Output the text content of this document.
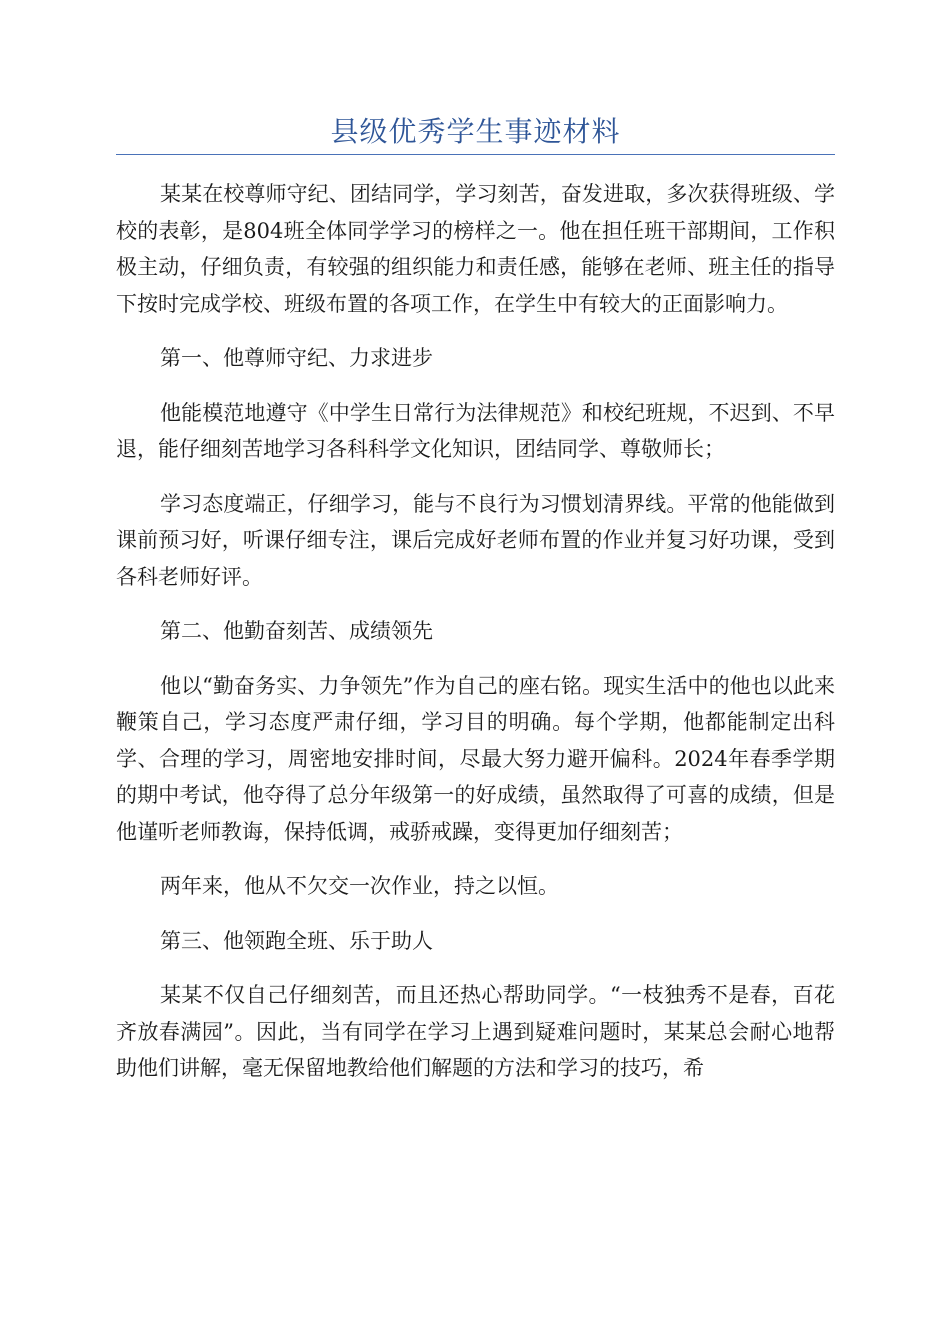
县级优秀学生事迹材料

某某在校尊师守纪、团结同学，学习刻苦，奋发进取，多次获得班级、学校的表彰，是804班全体同学学习的榜样之一。他在担任班干部期间，工作积极主动，仔细负责，有较强的组织能力和责任感，能够在老师、班主任的指导下按时完成学校、班级布置的各项工作，在学生中有较大的正面影响力。

第一、他尊师守纪、力求进步

他能模范地遵守《中学生日常行为法律规范》和校纪班规，不迟到、不早退，能仔细刻苦地学习各科科学文化知识，团结同学、尊敬师长；

学习态度端正，仔细学习，能与不良行为习惯划清界线。平常的他能做到课前预习好，听课仔细专注，课后完成好老师布置的作业并复习好功课，受到各科老师好评。

第二、他勤奋刻苦、成绩领先

他以“勤奋务实、力争领先”作为自己的座右铭。现实生活中的他也以此来鞭策自己，学习态度严肃仔细，学习目的明确。每个学期，他都能制定出科学、合理的学习，周密地安排时间，尽最大努力避开偏科。2024年春季学期的期中考试，他夺得了总分年级第一的好成绩，虽然取得了可喜的成绩，但是他谨听老师教诲，保持低调，戒骄戒躁，变得更加仔细刻苦；

两年来，他从不欠交一次作业，持之以恒。

第三、他领跑全班、乐于助人

某某不仅自己仔细刻苦，而且还热心帮助同学。“一枝独秀不是春，百花齐放春满园”。因此，当有同学在学习上遇到疑难问题时，某某总会耐心地帮助他们讲解，毫无保留地教给他们解题的方法和学习的技巧，希
